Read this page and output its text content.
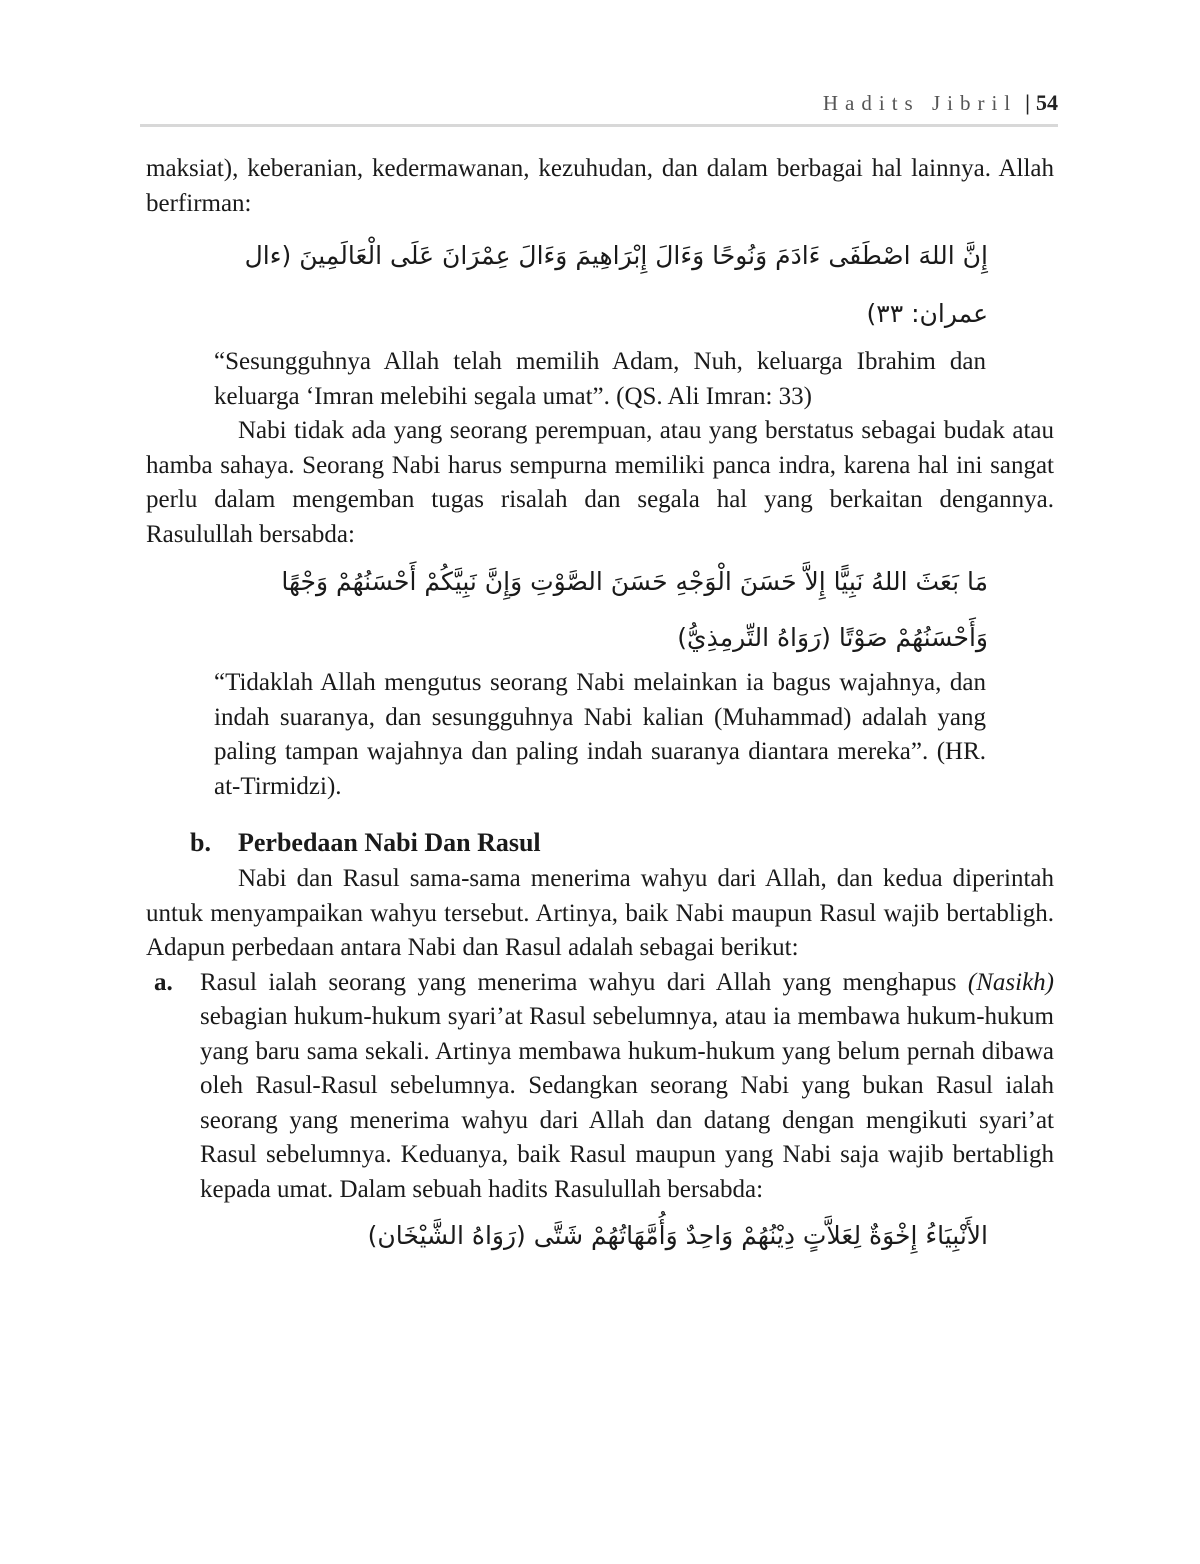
Hadits Jibril | 54

maksiat), keberanian, kedermawanan, kezuhudan, dan dalam berbagai hal lainnya. Allah berfirman:

إِنَّ اللهَ اصْطَفَى ءَادَمَ وَنُوحًا وَءَالَ إِبْرَاهِيمَ وَءَالَ عِمْرَانَ عَلَى الْعَالَمِينَ (ءال
عمران: ٣٣)

“Sesungguhnya Allah telah memilih Adam, Nuh, keluarga Ibrahim dan keluarga ‘Imran melebihi segala umat”. (QS. Ali Imran: 33)

Nabi tidak ada yang seorang perempuan, atau yang berstatus sebagai budak atau hamba sahaya. Seorang Nabi harus sempurna memiliki panca indra, karena hal ini sangat perlu dalam mengemban tugas risalah dan segala hal yang berkaitan dengannya. Rasulullah bersabda:

مَا بَعَثَ اللهُ نَبِيًّا إِلاَّ حَسَنَ الْوَجْهِ حَسَنَ الصَّوْتِ وَإِنَّ نَبِيَّكُمْ أَحْسَنُهُمْ وَجْهًا وَأَحْسَنُهُمْ صَوْتًا (رَوَاهُ التِّرمِذِيُّ)

“Tidaklah Allah mengutus seorang Nabi melainkan ia bagus wajahnya, dan indah suaranya, dan sesungguhnya Nabi kalian (Muhammad) adalah yang paling tampan wajahnya dan paling indah suaranya diantara mereka”. (HR. at-Tirmidzi).

b. Perbedaan Nabi Dan Rasul

Nabi dan Rasul sama-sama menerima wahyu dari Allah, dan kedua diperintah untuk menyampaikan wahyu tersebut. Artinya, baik Nabi maupun Rasul wajib bertabligh. Adapun perbedaan antara Nabi dan Rasul adalah sebagai berikut:

a.	Rasul ialah seorang yang menerima wahyu dari Allah yang menghapus (Nasikh) sebagian hukum-hukum syari’at Rasul sebelumnya, atau ia membawa hukum-hukum yang baru sama sekali. Artinya membawa hukum-hukum yang belum pernah dibawa oleh Rasul-Rasul sebelumnya. Sedangkan seorang Nabi yang bukan Rasul ialah seorang yang menerima wahyu dari Allah dan datang dengan mengikuti syari’at Rasul sebelumnya. Keduanya, baik Rasul maupun yang Nabi saja wajib bertabligh kepada umat. Dalam sebuah hadits Rasulullah bersabda:

الأَنْبِيَاءُ إِخْوَةٌ لِعَلاَّتٍ دِيْنُهُمْ وَاحِدٌ وَأُمَّهَاتُهُمْ شَتَّى (رَوَاهُ الشَّيْخَان)
